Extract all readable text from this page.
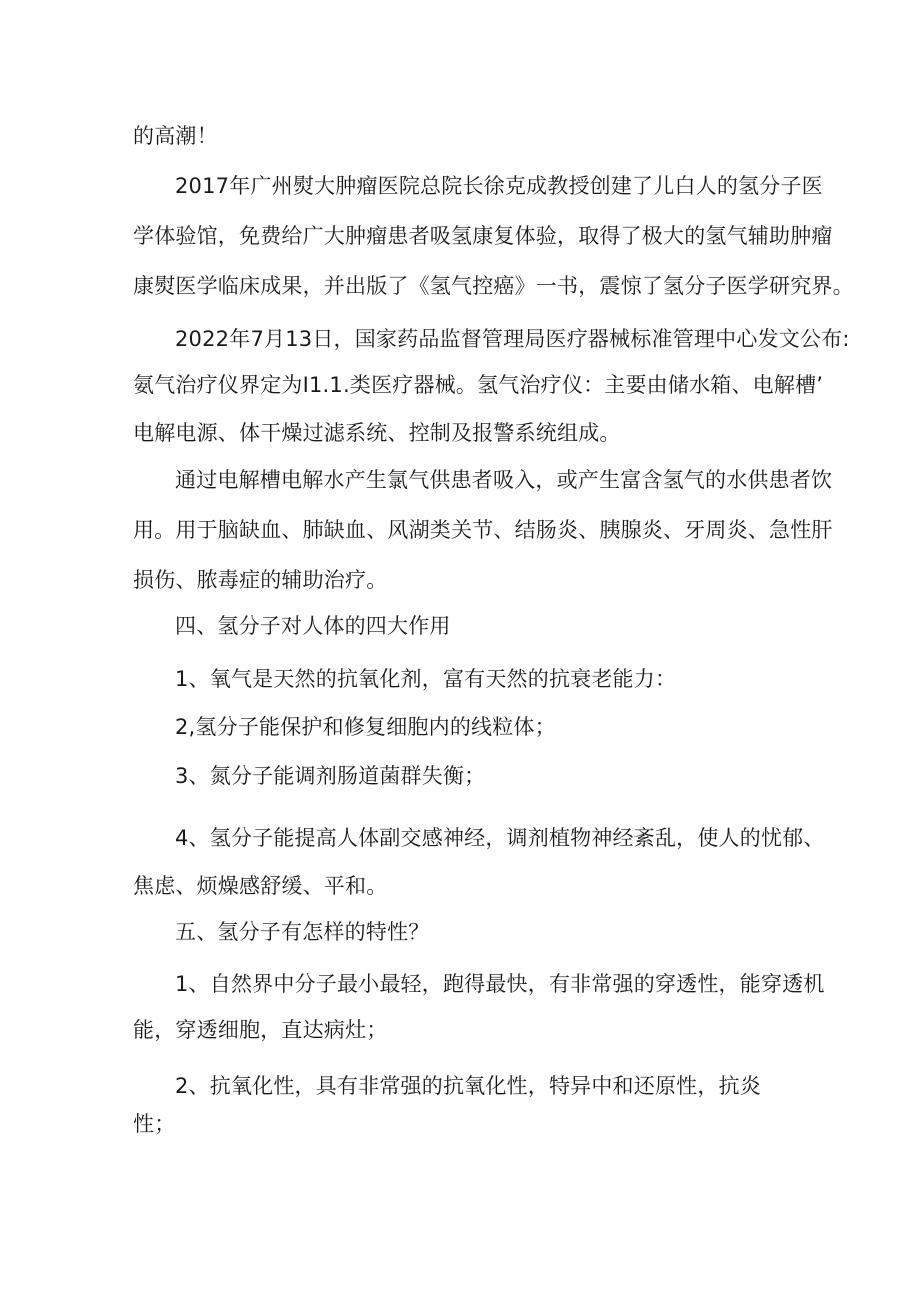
的高潮！
2017年广州熨大肿瘤医院总院长徐克成教授创建了儿白人的氢分子医
学体验馆，免费给广大肿瘤患者吸氢康复体验，取得了极大的氢气辅助肿瘤
康熨医学临床成果，并出版了《氢气控癌》一书，震惊了氢分子医学研究界。
2022年7月13日，国家药品监督管理局医疗器械标准管理中心发文公布:
氨气治疗仪界定为I1.1.类医疗器械。氢气治疗仪：主要由储水箱、电解槽’
电解电源、体干燥过滤系统、控制及报警系统组成。
通过电解槽电解水产生氯气供患者吸入，或产生富含氢气的水供患者饮
用。用于脑缺血、肺缺血、风湖类关节、结肠炎、胰腺炎、牙周炎、急性肝
损伤、脓毒症的辅助治疗。
四、氢分子对人体的四大作用
1、氧气是天然的抗氧化剂，富有天然的抗衰老能力：
2,氢分子能保护和修复细胞内的线粒体；
3、氮分子能调剂肠道菌群失衡；
4、氢分子能提高人体副交感神经，调剂植物神经紊乱，使人的忧郁、
焦虑、烦燥感舒缓、平和。
五、氢分子有怎样的特性？
1、自然界中分子最小最轻，跑得最快，有非常强的穿透性，能穿透机
能，穿透细胞，直达病灶；
2、抗氧化性，具有非常强的抗氧化性，特异中和还原性，抗炎
性；
